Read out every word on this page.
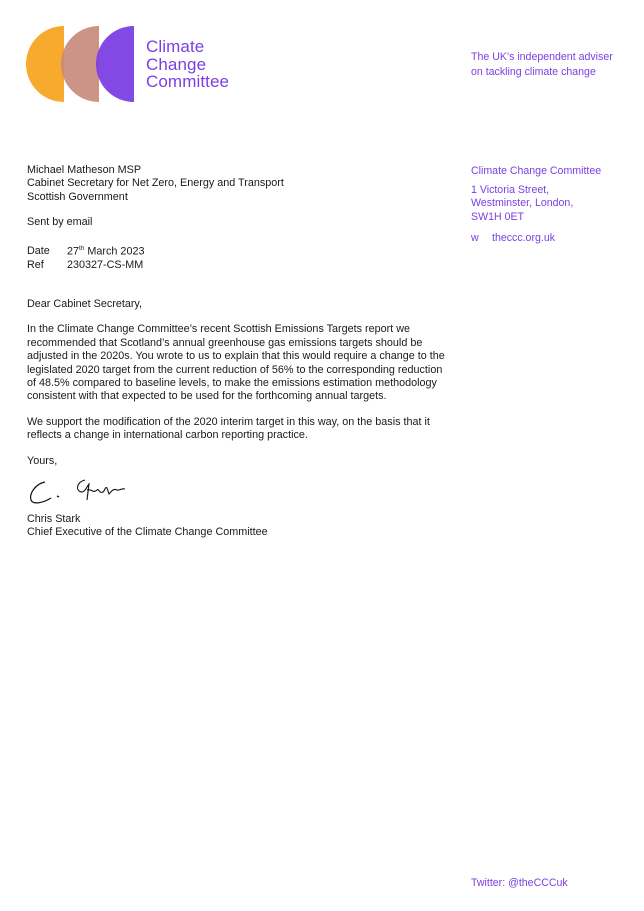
Climate
Change
Committee
The UK’s independent adviser
on tackling climate change
Climate Change Committee
1 Victoria Street,
Westminster, London,
SW1H 0ET
w theccc.org.uk
Michael Matheson MSP
Cabinet Secretary for Net Zero, Energy and Transport
Scottish Government
Sent by email
Date 27th March 2023
Ref 230327-CS-MM
Dear Cabinet Secretary,
In the Climate Change Committee’s recent Scottish Emissions Targets report we recommended that Scotland’s annual greenhouse gas emissions targets should be adjusted in the 2020s. You wrote to us to explain that this would require a change to the legislated 2020 target from the current reduction of 56% to the corresponding reduction of 48.5% compared to baseline levels, to make the emissions estimation methodology consistent with that expected to be used for the forthcoming annual targets.
We support the modification of the 2020 interim target in this way, on the basis that it reflects a change in international carbon reporting practice.
Yours,
Chris Stark
Chief Executive of the Climate Change Committee
Twitter: @theCCCuk
